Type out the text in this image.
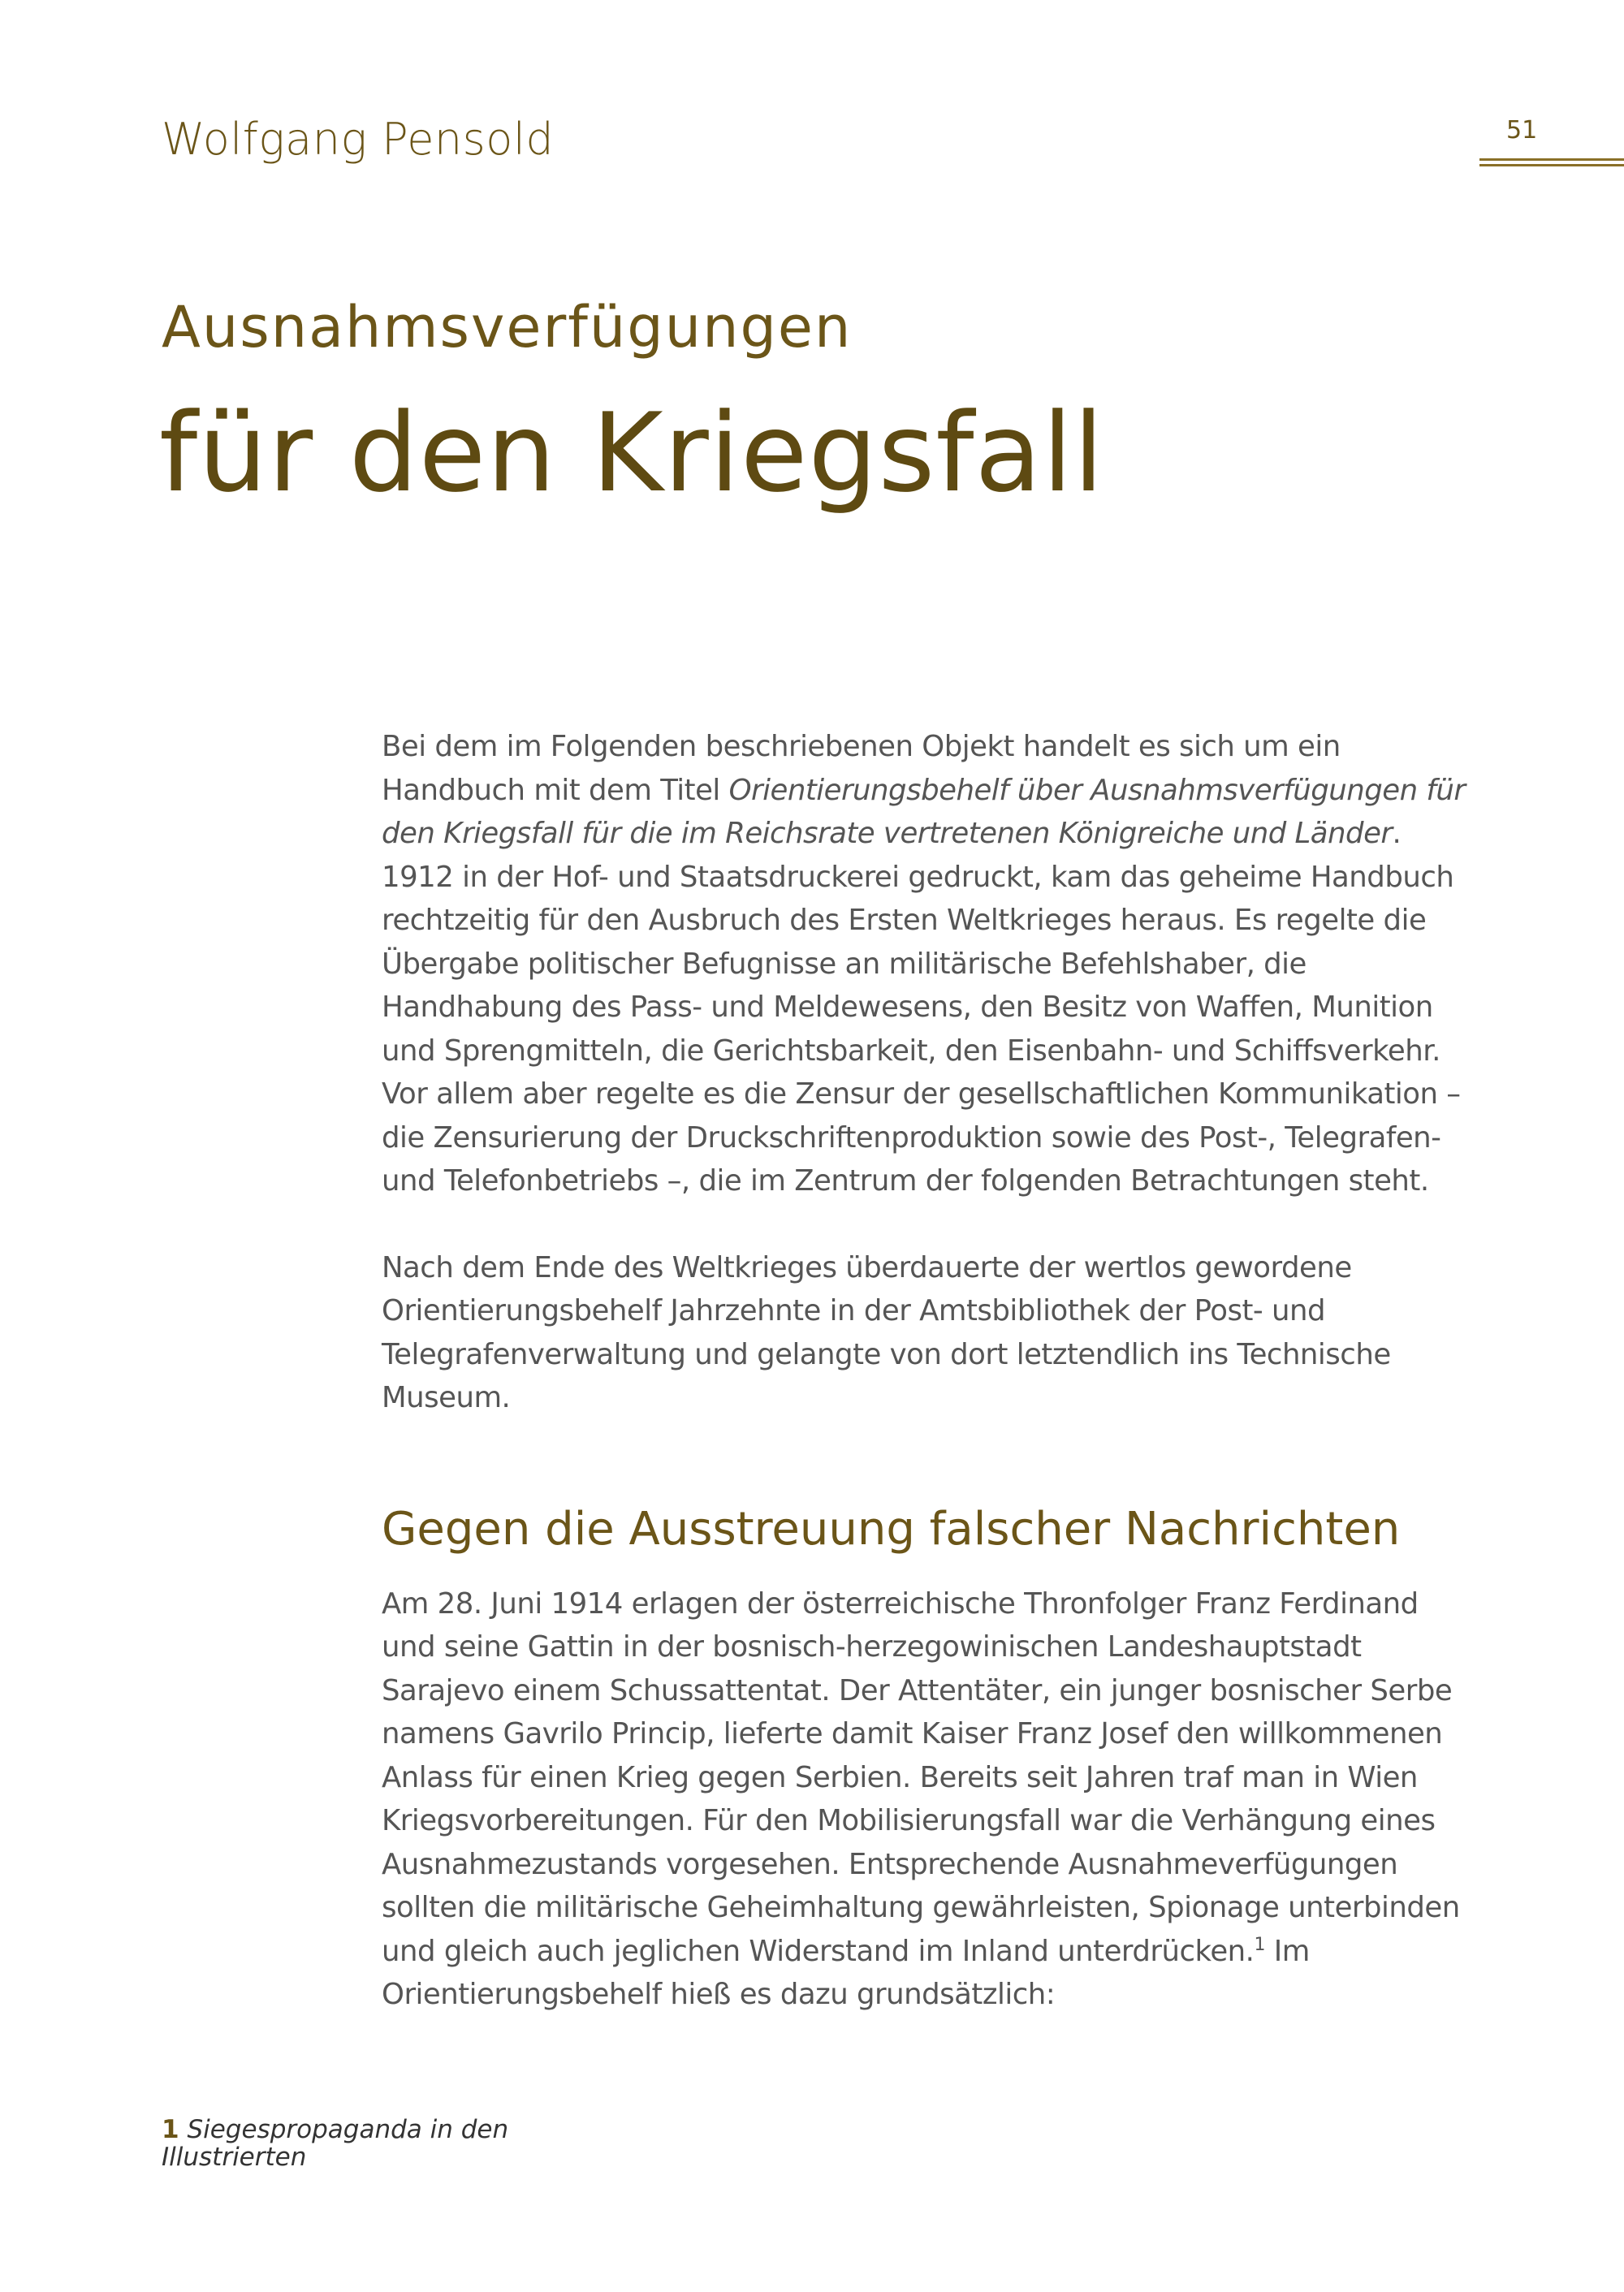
Wolfgang Pensold	51
Ausnahmsverfügungen
für den Kriegsfall

Bei dem im Folgenden beschriebenen Objekt handelt es sich um ein Handbuch mit dem Titel Orientierungsbehelf über Ausnahmsverfügungen für den Kriegsfall für die im Reichsrate vertretenen Königreiche und Länder. 1912 in der Hof- und Staatsdruckerei gedruckt, kam das geheime Handbuch rechtzeitig für den Ausbruch des Ersten Weltkrieges heraus. Es regelte die Übergabe politischer Befugnisse an militärische Befehlshaber, die Handhabung des Pass- und Meldewesens, den Besitz von Waffen, Munition und Sprengmitteln, die Gerichtsbarkeit, den Eisenbahn- und Schiffsverkehr. Vor allem aber regelte es die Zensur der gesellschaftlichen Kommunikation – die Zensurierung der Druckschriftenproduktion sowie des Post-, Telegrafen- und Telefonbetriebs –, die im Zentrum der folgenden Betrachtungen steht.

Nach dem Ende des Weltkrieges überdauerte der wertlos gewordene Orientierungsbehelf Jahrzehnte in der Amtsbibliothek der Post- und Telegrafenverwaltung und gelangte von dort letztendlich ins Technische Museum.

Gegen die Ausstreuung falscher Nachrichten

Am 28. Juni 1914 erlagen der österreichische Thronfolger Franz Ferdinand und seine Gattin in der bosnisch-herzegowinischen Landeshauptstadt Sarajevo einem Schussattentat. Der Attentäter, ein junger bosnischer Serbe namens Gavrilo Princip, lieferte damit Kaiser Franz Josef den willkommenen Anlass für einen Krieg gegen Serbien. Bereits seit Jahren traf man in Wien Kriegsvorbereitungen. Für den Mobilisierungsfall war die Verhängung eines Ausnahmezustands vorgesehen. Entsprechende Ausnahmeverfügungen sollten die militärische Geheimhaltung gewährleisten, Spionage unterbinden und gleich auch jeglichen Widerstand im Inland unterdrücken.$^1$ Im Orientierungsbehelf hieß es dazu grundsätzlich:

1 Siegespropaganda in den Illustrierten
